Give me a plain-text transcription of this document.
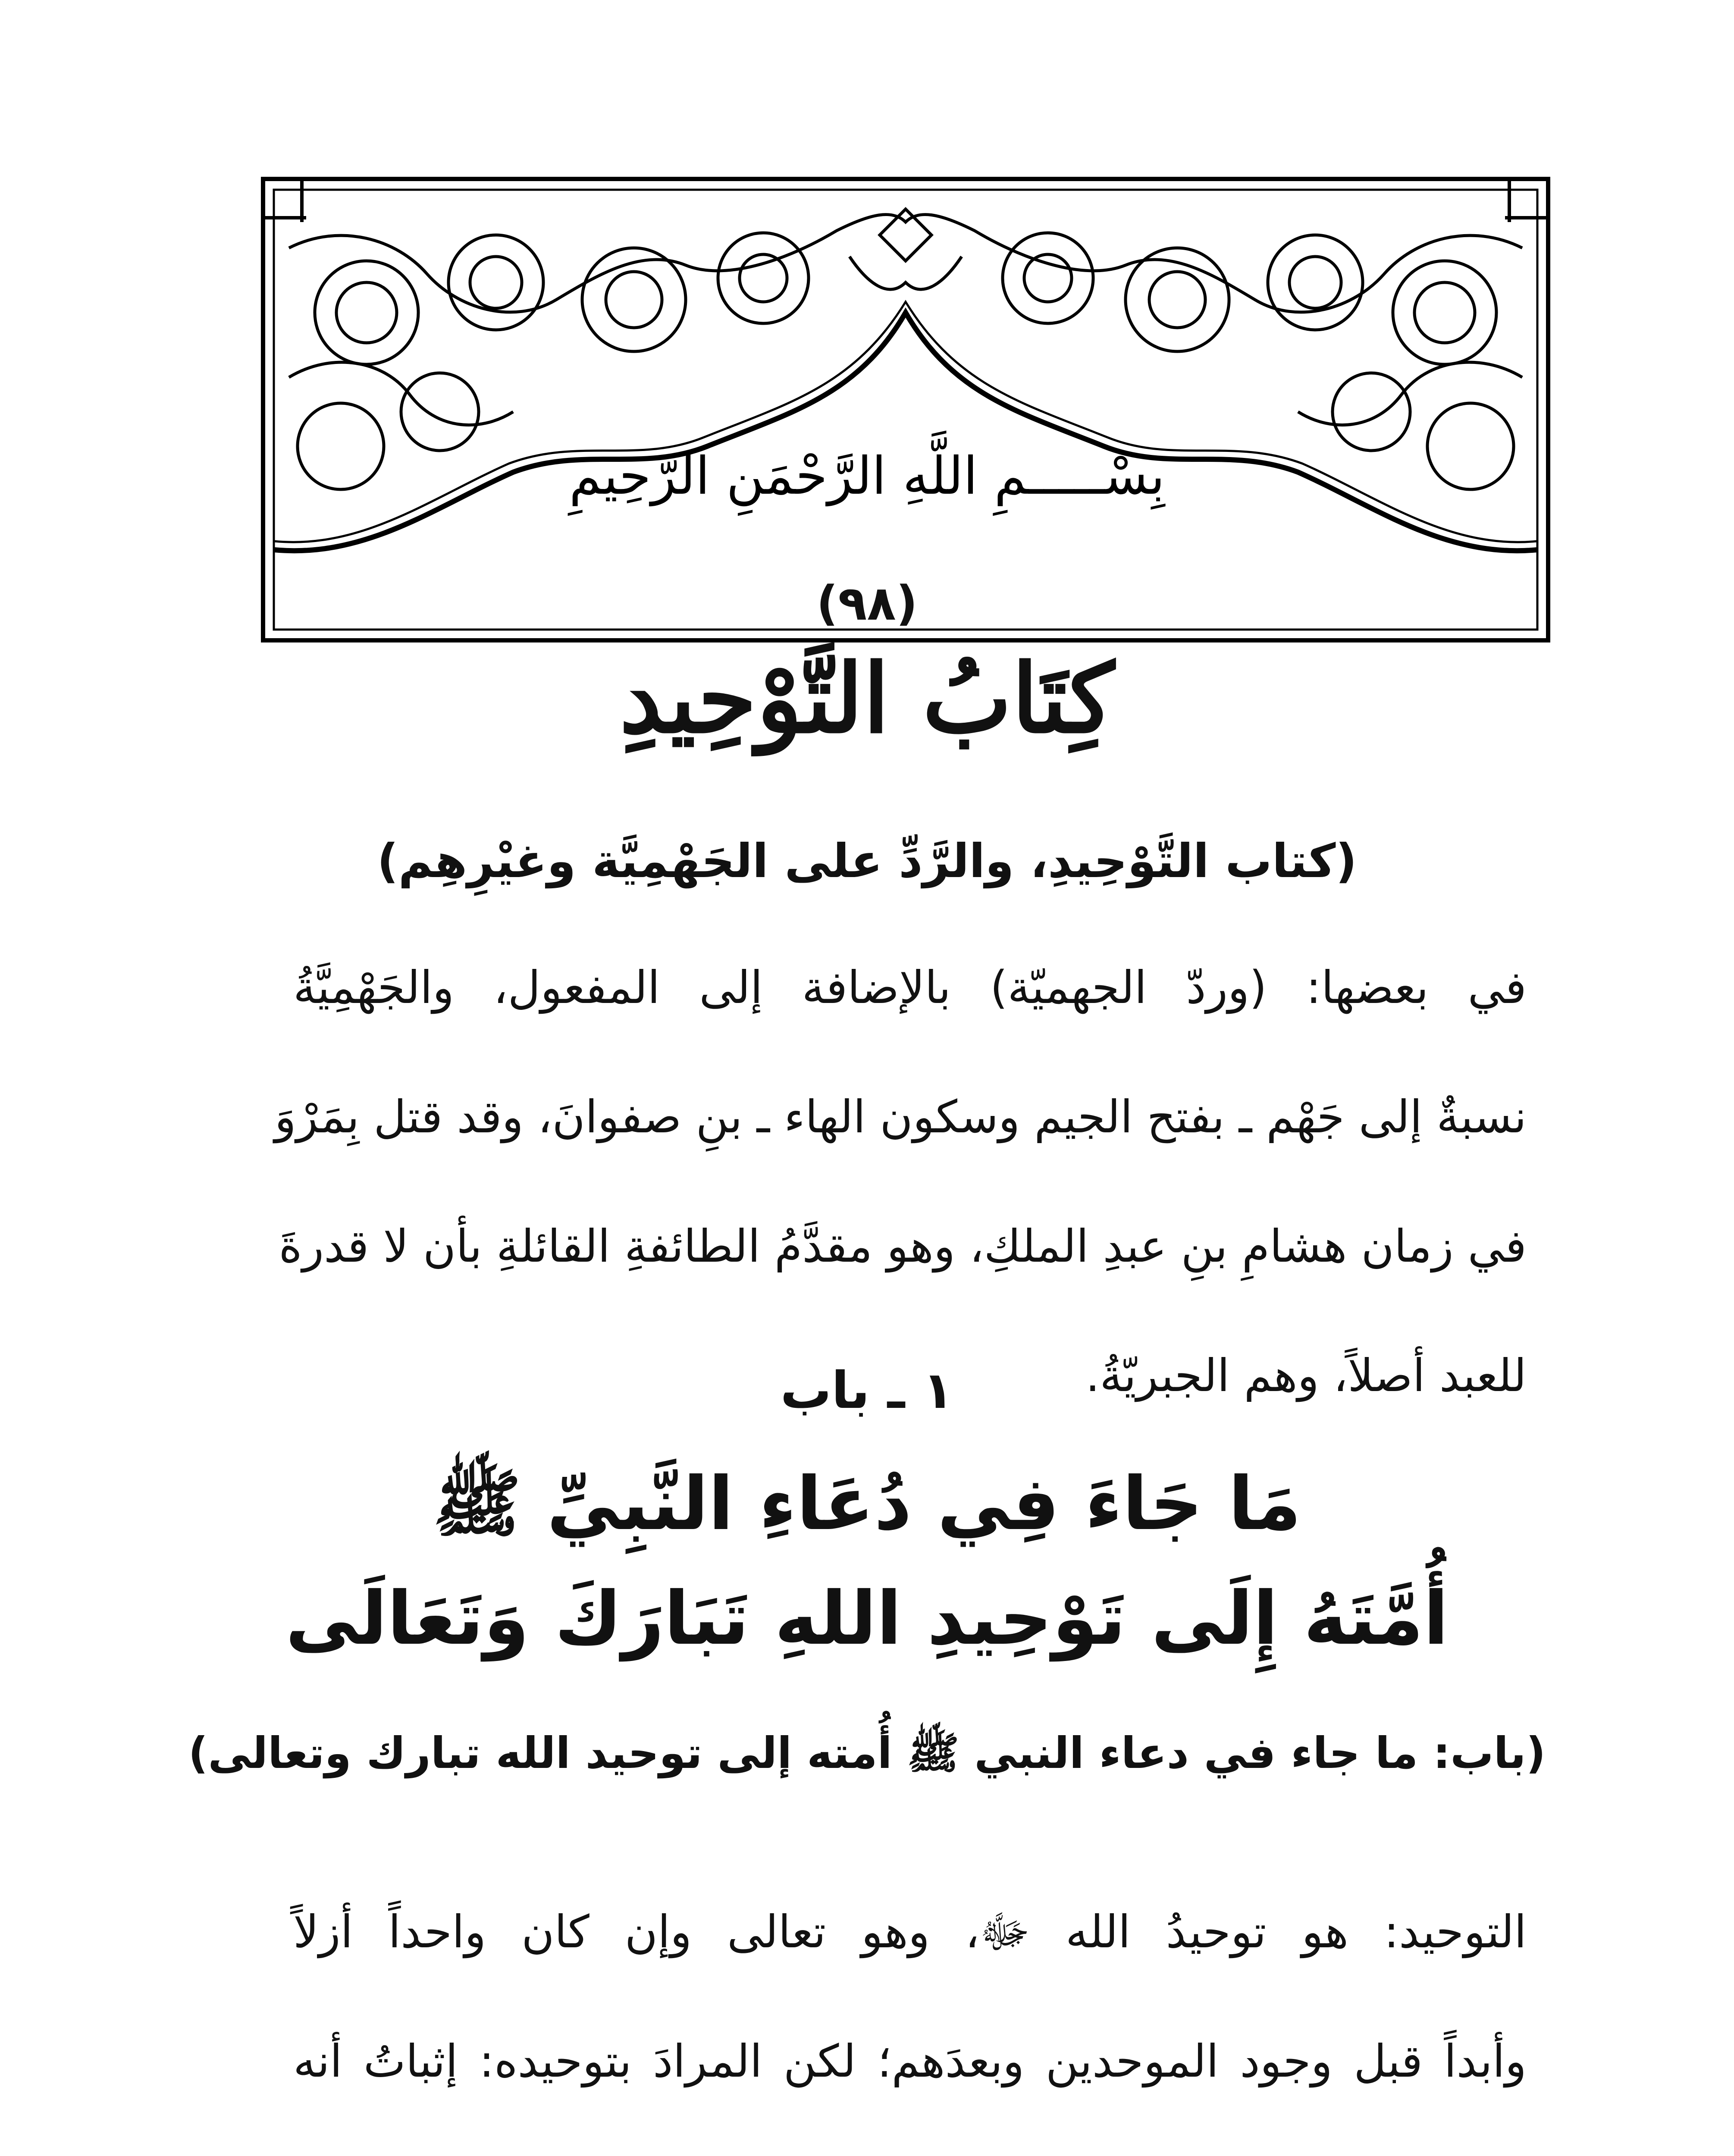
بِسْـــــمِ اللَّهِ الرَّحْمَنِ الرَّحِيمِ
(٩٨)
كِتَابُ التَّوْحِيدِ
(كتاب التَّوْحِيدِ، والرَّدِّ على الجَهْمِيَّة وغيْرِهِم)
في بعضها: (وردّ الجهميّة) بالإضافة إلى المفعول، والجَهْمِيَّةُ
نسبةٌ إلى جَهْم ـ بفتح الجيم وسكون الهاء ـ بنِ صفوانَ، وقد قتل بِمَرْوَ
في زمان هشامِ بنِ عبدِ الملكِ، وهو مقدَّمُ الطائفةِ القائلةِ بأن لا قدرةَ
للعبد أصلاً، وهم الجبريّةُ.
١ ـ باب
مَا جَاءَ فِي دُعَاءِ النَّبِيِّ ﷺ
أُمَّتَهُ إِلَى تَوْحِيدِ اللهِ تَبَارَكَ وَتَعَالَى
(باب: ما جاء في دعاء النبي ﷺ أُمته إلى توحيد الله تبارك وتعالى)
التوحيد: هو توحيدُ الله ﷻ، وهو تعالى وإن كان واحداً أزلاً
وأبداً قبل وجود الموحدين وبعدَهم؛ لكن المرادَ بتوحيده: إثباتُ أنه
